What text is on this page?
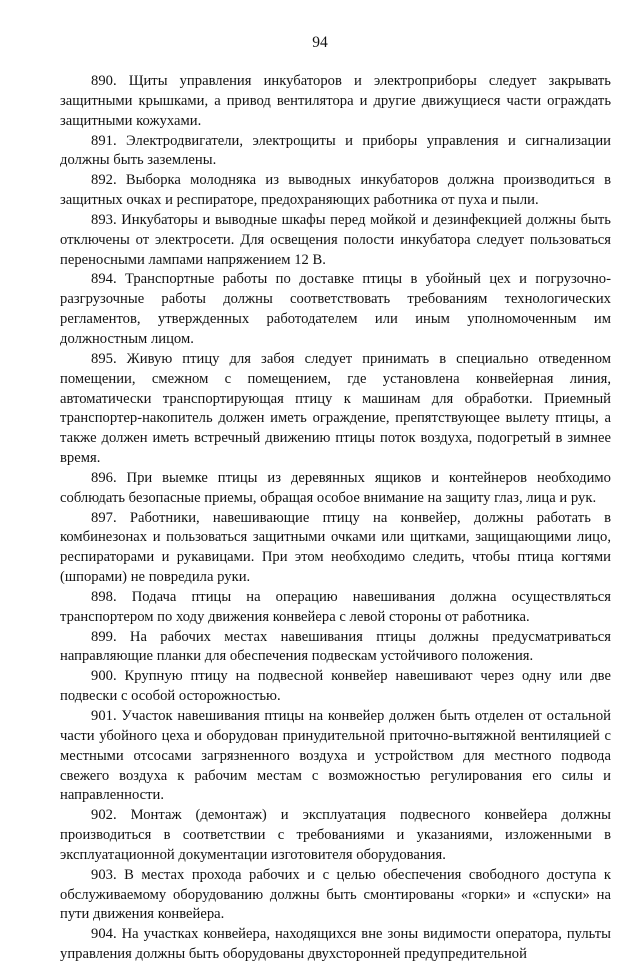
94

890. Щиты управления инкубаторов и электроприборы следует закрывать защитными крышками, а привод вентилятора и другие движущиеся части ограждать защитными кожухами.

891. Электродвигатели, электрощиты и приборы управления и сигнализации должны быть заземлены.

892. Выборка молодняка из выводных инкубаторов должна производиться в защитных очках и респираторе, предохраняющих работника от пуха и пыли.

893. Инкубаторы и выводные шкафы перед мойкой и дезинфекцией должны быть отключены от электросети. Для освещения полости инкубатора следует пользоваться переносными лампами напряжением 12 В.

894. Транспортные работы по доставке птицы в убойный цех и погрузочно-разгрузочные работы должны соответствовать требованиям технологических регламентов, утвержденных работодателем или иным уполномоченным им должностным лицом.

895. Живую птицу для забоя следует принимать в специально отведенном помещении, смежном с помещением, где установлена конвейерная линия, автоматически транспортирующая птицу к машинам для обработки. Приемный транспортер-накопитель должен иметь ограждение, препятствующее вылету птицы, а также должен иметь встречный движению птицы поток воздуха, подогретый в зимнее время.

896. При выемке птицы из деревянных ящиков и контейнеров необходимо соблюдать безопасные приемы, обращая особое внимание на защиту глаз, лица и рук.

897. Работники, навешивающие птицу на конвейер, должны работать в комбинезонах и пользоваться защитными очками или щитками, защищающими лицо, респираторами и рукавицами. При этом необходимо следить, чтобы птица когтями (шпорами) не повредила руки.

898. Подача птицы на операцию навешивания должна осуществляться транспортером по ходу движения конвейера с левой стороны от работника.

899. На рабочих местах навешивания птицы должны предусматриваться направляющие планки для обеспечения подвескам устойчивого положения.

900. Крупную птицу на подвесной конвейер навешивают через одну или две подвески с особой осторожностью.

901. Участок навешивания птицы на конвейер должен быть отделен от остальной части убойного цеха и оборудован принудительной приточно-вытяжной вентиляцией с местными отсосами загрязненного воздуха и устройством для местного подвода свежего воздуха к рабочим местам с возможностью регулирования его силы и направленности.

902. Монтаж (демонтаж) и эксплуатация подвесного конвейера должны производиться в соответствии с требованиями и указаниями, изложенными в эксплуатационной документации изготовителя оборудования.

903. В местах прохода рабочих и с целью обеспечения свободного доступа к обслуживаемому оборудованию должны быть смонтированы «горки» и «спуски» на пути движения конвейера.

904. На участках конвейера, находящихся вне зоны видимости оператора, пульты управления должны быть оборудованы двухсторонней предупредительной
